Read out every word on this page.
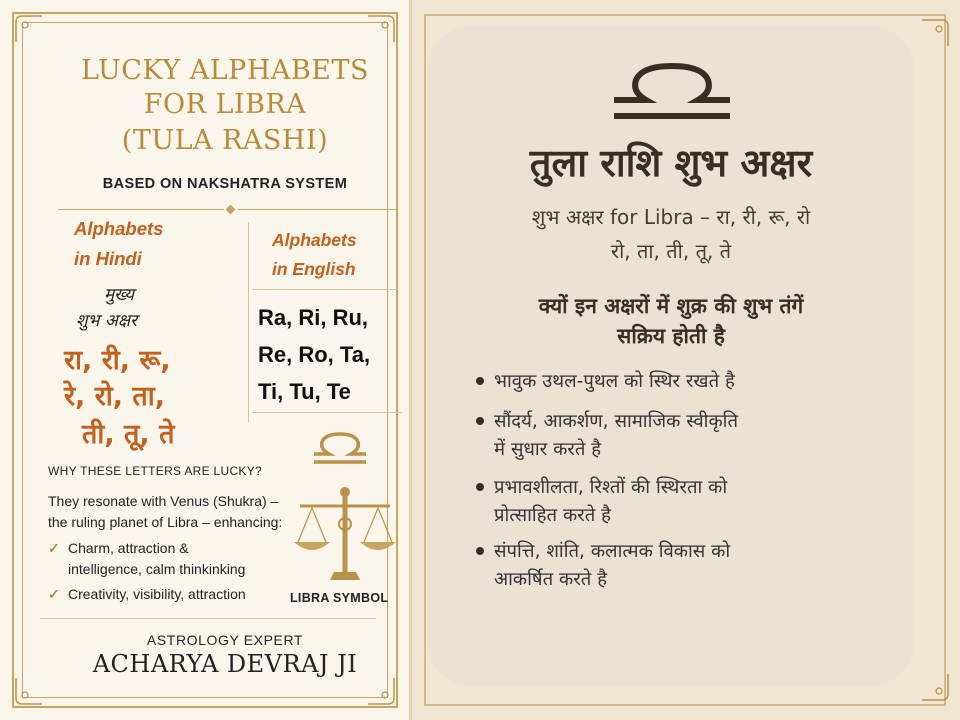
LUCKY ALPHABETS
FOR LIBRA
(TULA RASHI)
BASED ON NAKSHATRA SYSTEM
Alphabets
in Hindi
Alphabets
in English
मुख्य
शुभ अक्षर
रा, री, रू,
रे, रो, ता,
ती, तू, ते
Ra, Ri, Ru,
Re, Ro, Ta,
Ti, Tu, Te
WHY THESE LETTERS ARE LUCKY?
They resonate with Venus (Shukra) –
the ruling planet of Libra – enhancing:
✓ Charm, attraction &
intelligence, calm thinkinking
✓ Creativity, visibility, attraction	LIBRA SYMBOL
ASTROLOGY EXPERT
ACHARYA DEVRAJ JI
तुला राशि शुभ अक्षर
शुभ अक्षर for Libra – रा, री, रू, रो
रो, ता, ती, तू, ते
क्यों इन अक्षरों में शुक्र की शुभ तंगें
सक्रिय होती है
भावुक उथल-पुथल को स्थिर रखते है
सौंदर्य, आकर्शण, सामाजिक स्वीकृति
में सुधार करते है
प्रभावशीलता, रिश्तों की स्थिरता को
प्रोत्साहित करते है
संपत्ति, शांति, कलात्मक विकास को
आकर्षित करते है
